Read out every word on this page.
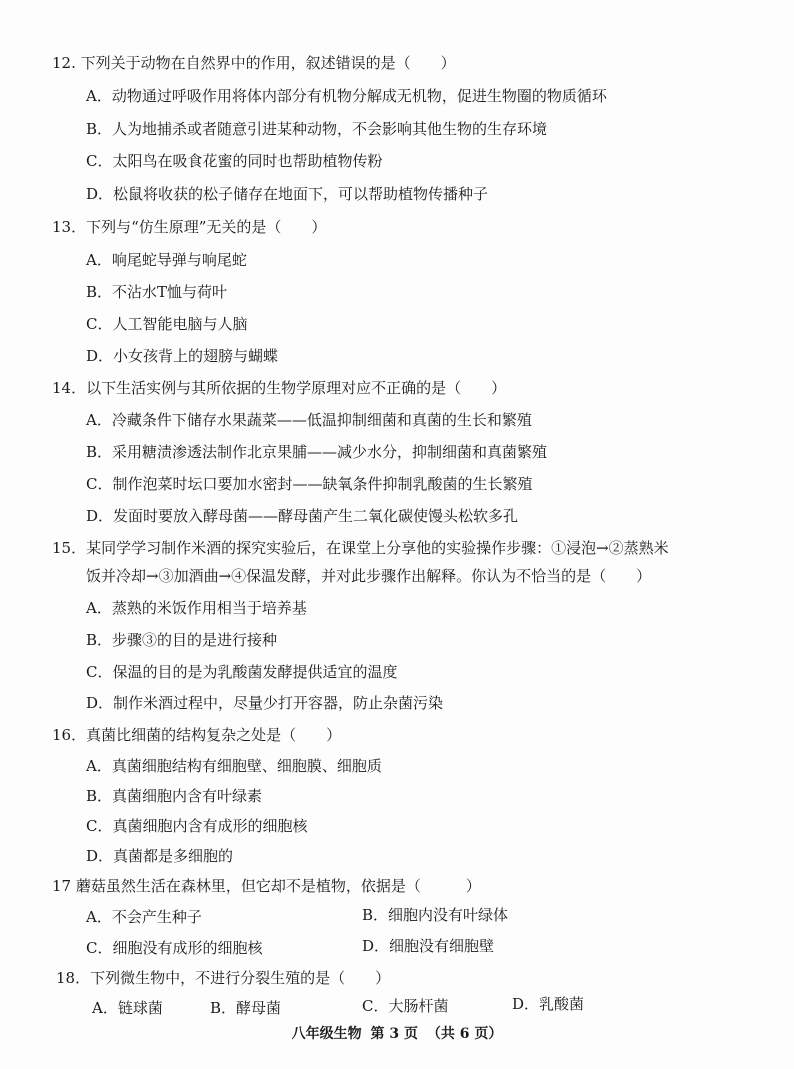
12. 下列关于动物在自然界中的作用，叙述错误的是（　　）
A．动物通过呼吸作用将体内部分有机物分解成无机物，促进生物圈的物质循环
B．人为地捕杀或者随意引进某种动物，不会影响其他生物的生存环境
C．太阳鸟在吸食花蜜的同时也帮助植物传粉
D．松鼠将收获的松子储存在地面下，可以帮助植物传播种子
13．下列与“仿生原理”无关的是（　　）
A．响尾蛇导弹与响尾蛇
B．不沾水T恤与荷叶
C．人工智能电脑与人脑
D．小女孩背上的翅膀与蝴蝶
14．以下生活实例与其所依据的生物学原理对应不正确的是（　　）
A．冷藏条件下储存水果蔬菜——低温抑制细菌和真菌的生长和繁殖
B．采用糖渍渗透法制作北京果脯——减少水分，抑制细菌和真菌繁殖
C．制作泡菜时坛口要加水密封——缺氧条件抑制乳酸菌的生长繁殖
D．发面时要放入酵母菌——酵母菌产生二氧化碳使馒头松软多孔
15．某同学学习制作米酒的探究实验后，在课堂上分享他的实验操作步骤：①浸泡→②蒸熟米
饭并冷却→③加酒曲→④保温发酵，并对此步骤作出解释。你认为不恰当的是（　　）
A．蒸熟的米饭作用相当于培养基
B．步骤③的目的是进行接种
C．保温的目的是为乳酸菌发酵提供适宜的温度
D．制作米酒过程中，尽量少打开容器，防止杂菌污染
16．真菌比细菌的结构复杂之处是（　　）
A．真菌细胞结构有细胞壁、细胞膜、细胞质
B．真菌细胞内含有叶绿素
C．真菌细胞内含有成形的细胞核
D．真菌都是多细胞的
17 蘑菇虽然生活在森林里，但它却不是植物，依据是（　　　）
A．不会产生种子	B．细胞内没有叶绿体
C．细胞没有成形的细胞核	D．细胞没有细胞壁
18．下列微生物中，不进行分裂生殖的是（　　）
A．链球菌	B．酵母菌	C．大肠杆菌	D．乳酸菌
八年级生物 第 3 页 （共 6 页）
